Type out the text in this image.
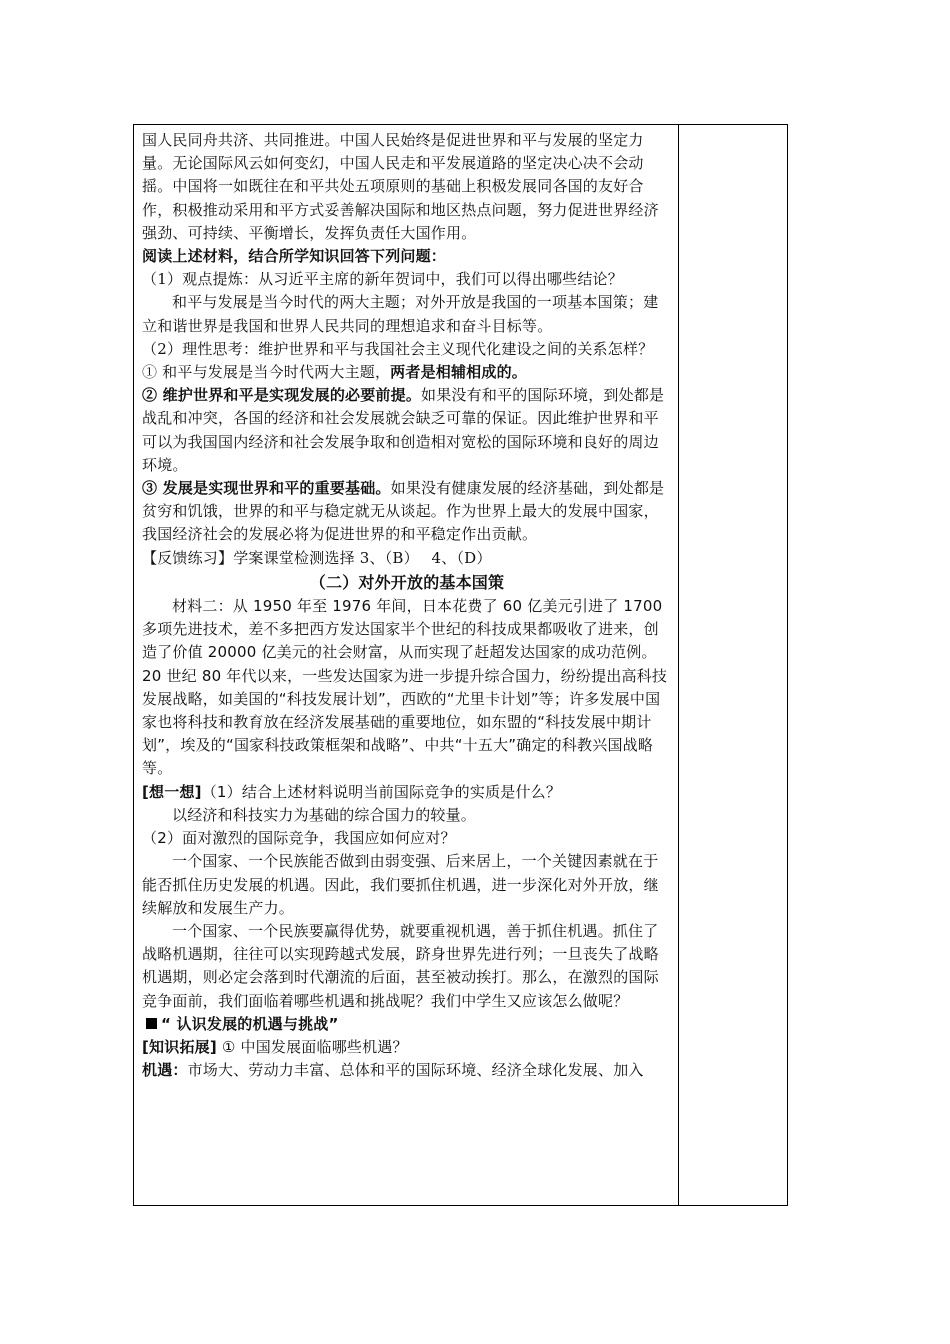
国人民同舟共济、共同推进。中国人民始终是促进世界和平与发展的坚定力量。无论国际风云如何变幻，中国人民走和平发展道路的坚定决心决不会动摇。中国将一如既往在和平共处五项原则的基础上积极发展同各国的友好合作，积极推动采用和平方式妥善解决国际和地区热点问题，努力促进世界经济强劲、可持续、平衡增长，发挥负责任大国作用。

阅读上述材料，结合所学知识回答下列问题：

（1）观点提炼：从习近平主席的新年贺词中，我们可以得出哪些结论？

和平与发展是当今时代的两大主题；对外开放是我国的一项基本国策；建立和谐世界是我国和世界人民共同的理想追求和奋斗目标等。

（2）理性思考：维护世界和平与我国社会主义现代化建设之间的关系怎样？

① 和平与发展是当今时代两大主题，两者是相辅相成的。

② 维护世界和平是实现发展的必要前提。如果没有和平的国际环境，到处都是战乱和冲突，各国的经济和社会发展就会缺乏可靠的保证。因此维护世界和平可以为我国国内经济和社会发展争取和创造相对宽松的国际环境和良好的周边环境。

③ 发展是实现世界和平的重要基础。如果没有健康发展的经济基础，到处都是贫穷和饥饿，世界的和平与稳定就无从谈起。作为世界上最大的发展中国家，我国经济社会的发展必将为促进世界的和平稳定作出贡献。

【反馈练习】学案课堂检测选择 3、（B）　 4、（D）

（二）对外开放的基本国策

材料二：从 1950 年至 1976 年间，日本花费了 60 亿美元引进了 1700 多项先进技术，差不多把西方发达国家半个世纪的科技成果都吸收了进来，创造了价值 20000 亿美元的社会财富，从而实现了赶超发达国家的成功范例。20 世纪 80 年代以来，一些发达国家为进一步提升综合国力，纷纷提出高科技发展战略，如美国的“科技发展计划”，西欧的“尤里卡计划”等；许多发展中国家也将科技和教育放在经济发展基础的重要地位，如东盟的“科技发展中期计划”，埃及的“国家科技政策框架和战略”、中共“十五大”确定的科教兴国战略等。

[想一想]（1）结合上述材料说明当前国际竞争的实质是什么？

以经济和科技实力为基础的综合国力的较量。

（2）面对激烈的国际竞争，我国应如何应对？

一个国家、一个民族能否做到由弱变强、后来居上，一个关键因素就在于能否抓住历史发展的机遇。因此，我们要抓住机遇，进一步深化对外开放，继续解放和发展生产力。

一个国家、一个民族要赢得优势，就要重视机遇，善于抓住机遇。抓住了战略机遇期，往往可以实现跨越式发展，跻身世界先进行列；一旦丧失了战略机遇期，则必定会落到时代潮流的后面，甚至被动挨打。那么，在激烈的国际竞争面前，我们面临着哪些机遇和挑战呢？我们中学生又应该怎么做呢？

“ 认识发展的机遇与挑战”

[知识拓展] ① 中国发展面临哪些机遇？

机遇：市场大、劳动力丰富、总体和平的国际环境、经济全球化发展、加入
